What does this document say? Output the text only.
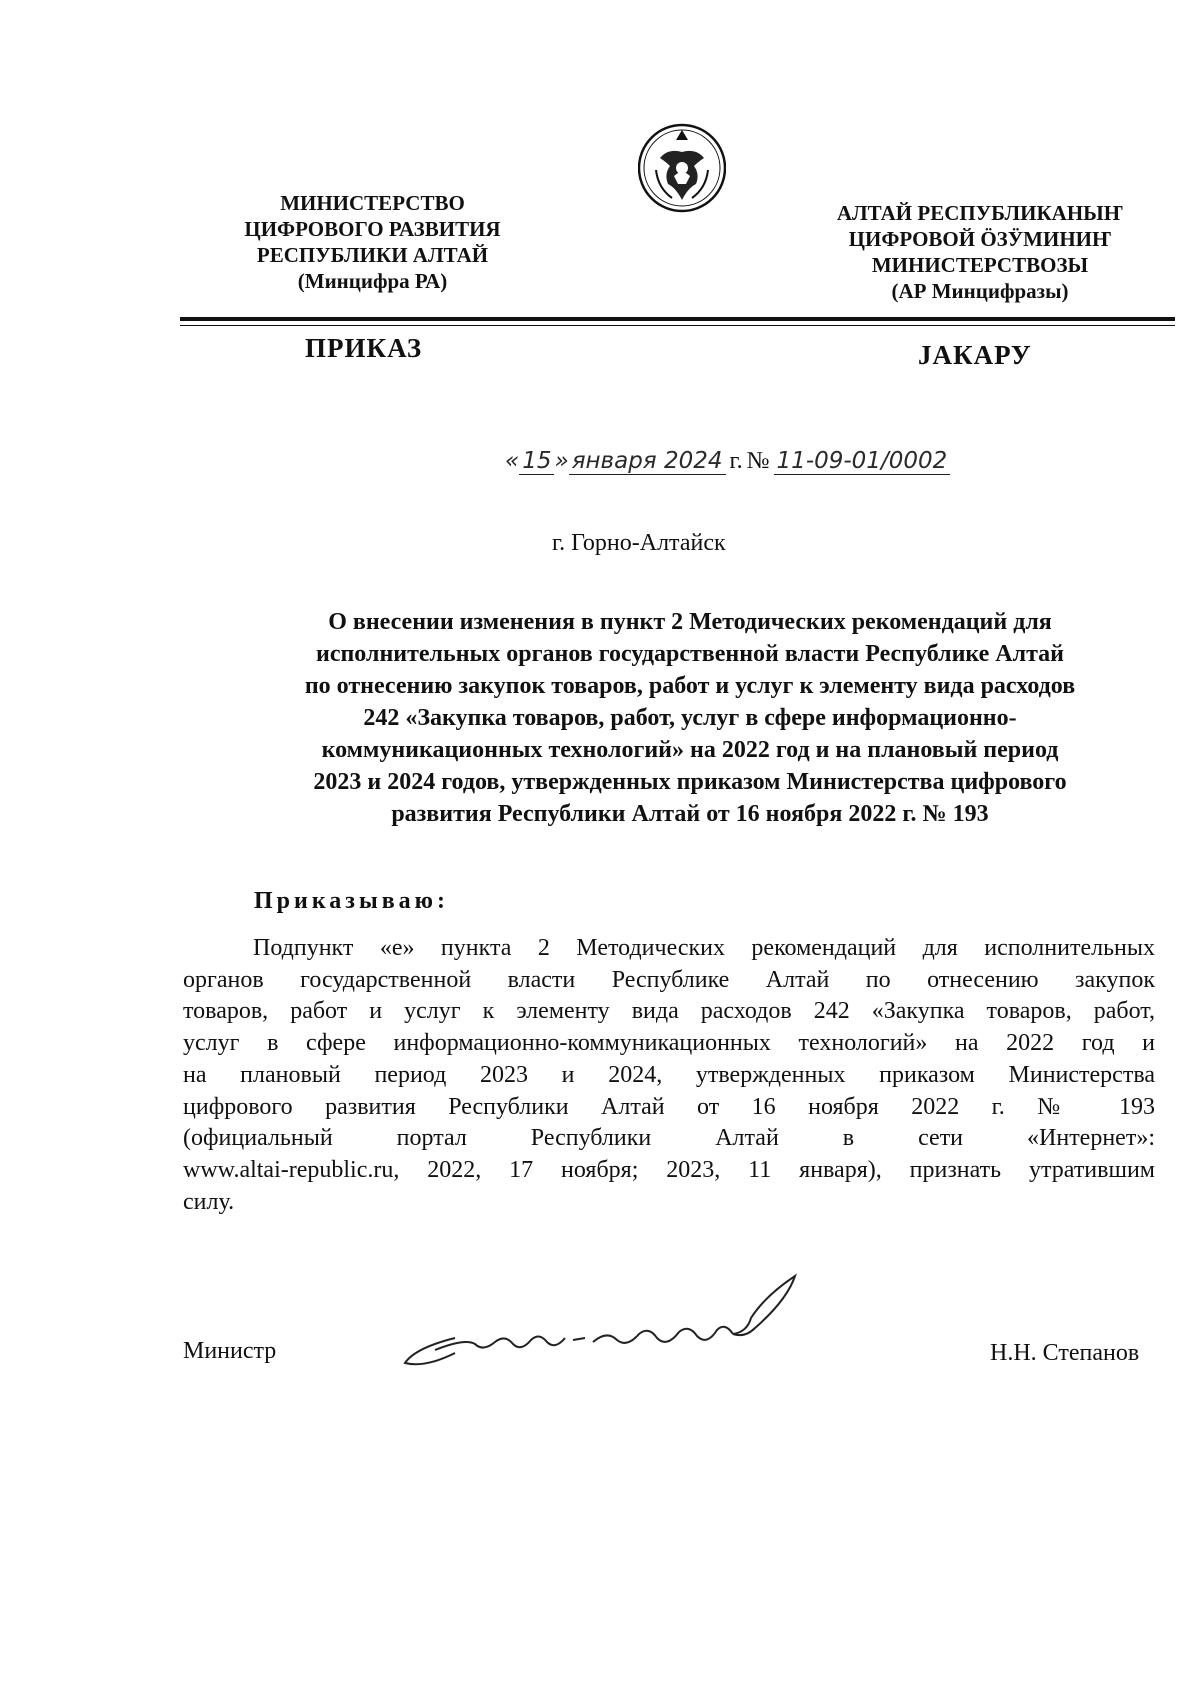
МИНИСТЕРСТВО
ЦИФРОВОГО РАЗВИТИЯ
РЕСПУБЛИКИ АЛТАЙ
(Минцифра РА)
АЛТАЙ РЕСПУБЛИКАНЫҤ
ЦИФРОВОЙ ӦЗӰМИНИҤ
МИНИСТЕРСТВОЗЫ
(АР Минцифразы)
ПРИКАЗ	JАКАРУ
« 15 » января 2024 г. № 11-09-01/0002
г. Горно-Алтайск
О внесении изменения в пункт 2 Методических рекомендаций для
исполнительных органов государственной власти Республике Алтай
по отнесению закупок товаров, работ и услуг к элементу вида расходов
242 «Закупка товаров, работ, услуг в сфере информационно-
коммуникационных технологий» на 2022 год и на плановый период
2023 и 2024 годов, утвержденных приказом Министерства цифрового
развития Республики Алтай от 16 ноября 2022 г. № 193
Приказываю:
Подпункт «е» пункта 2 Методических рекомендаций для исполнительных
органов государственной власти Республике Алтай по отнесению закупок
товаров, работ и услуг к элементу вида расходов 242 «Закупка товаров, работ,
услуг в сфере информационно-коммуникационных технологий» на 2022 год и
на плановый период 2023 и 2024, утвержденных приказом Министерства
цифрового развития Республики Алтай от 16 ноября 2022 г. № 193
(официальный портал Республики Алтай в сети «Интернет»:
www.altai-republic.ru, 2022, 17 ноября; 2023, 11 января), признать утратившим
силу.
Министр	Н.Н. Степанов
